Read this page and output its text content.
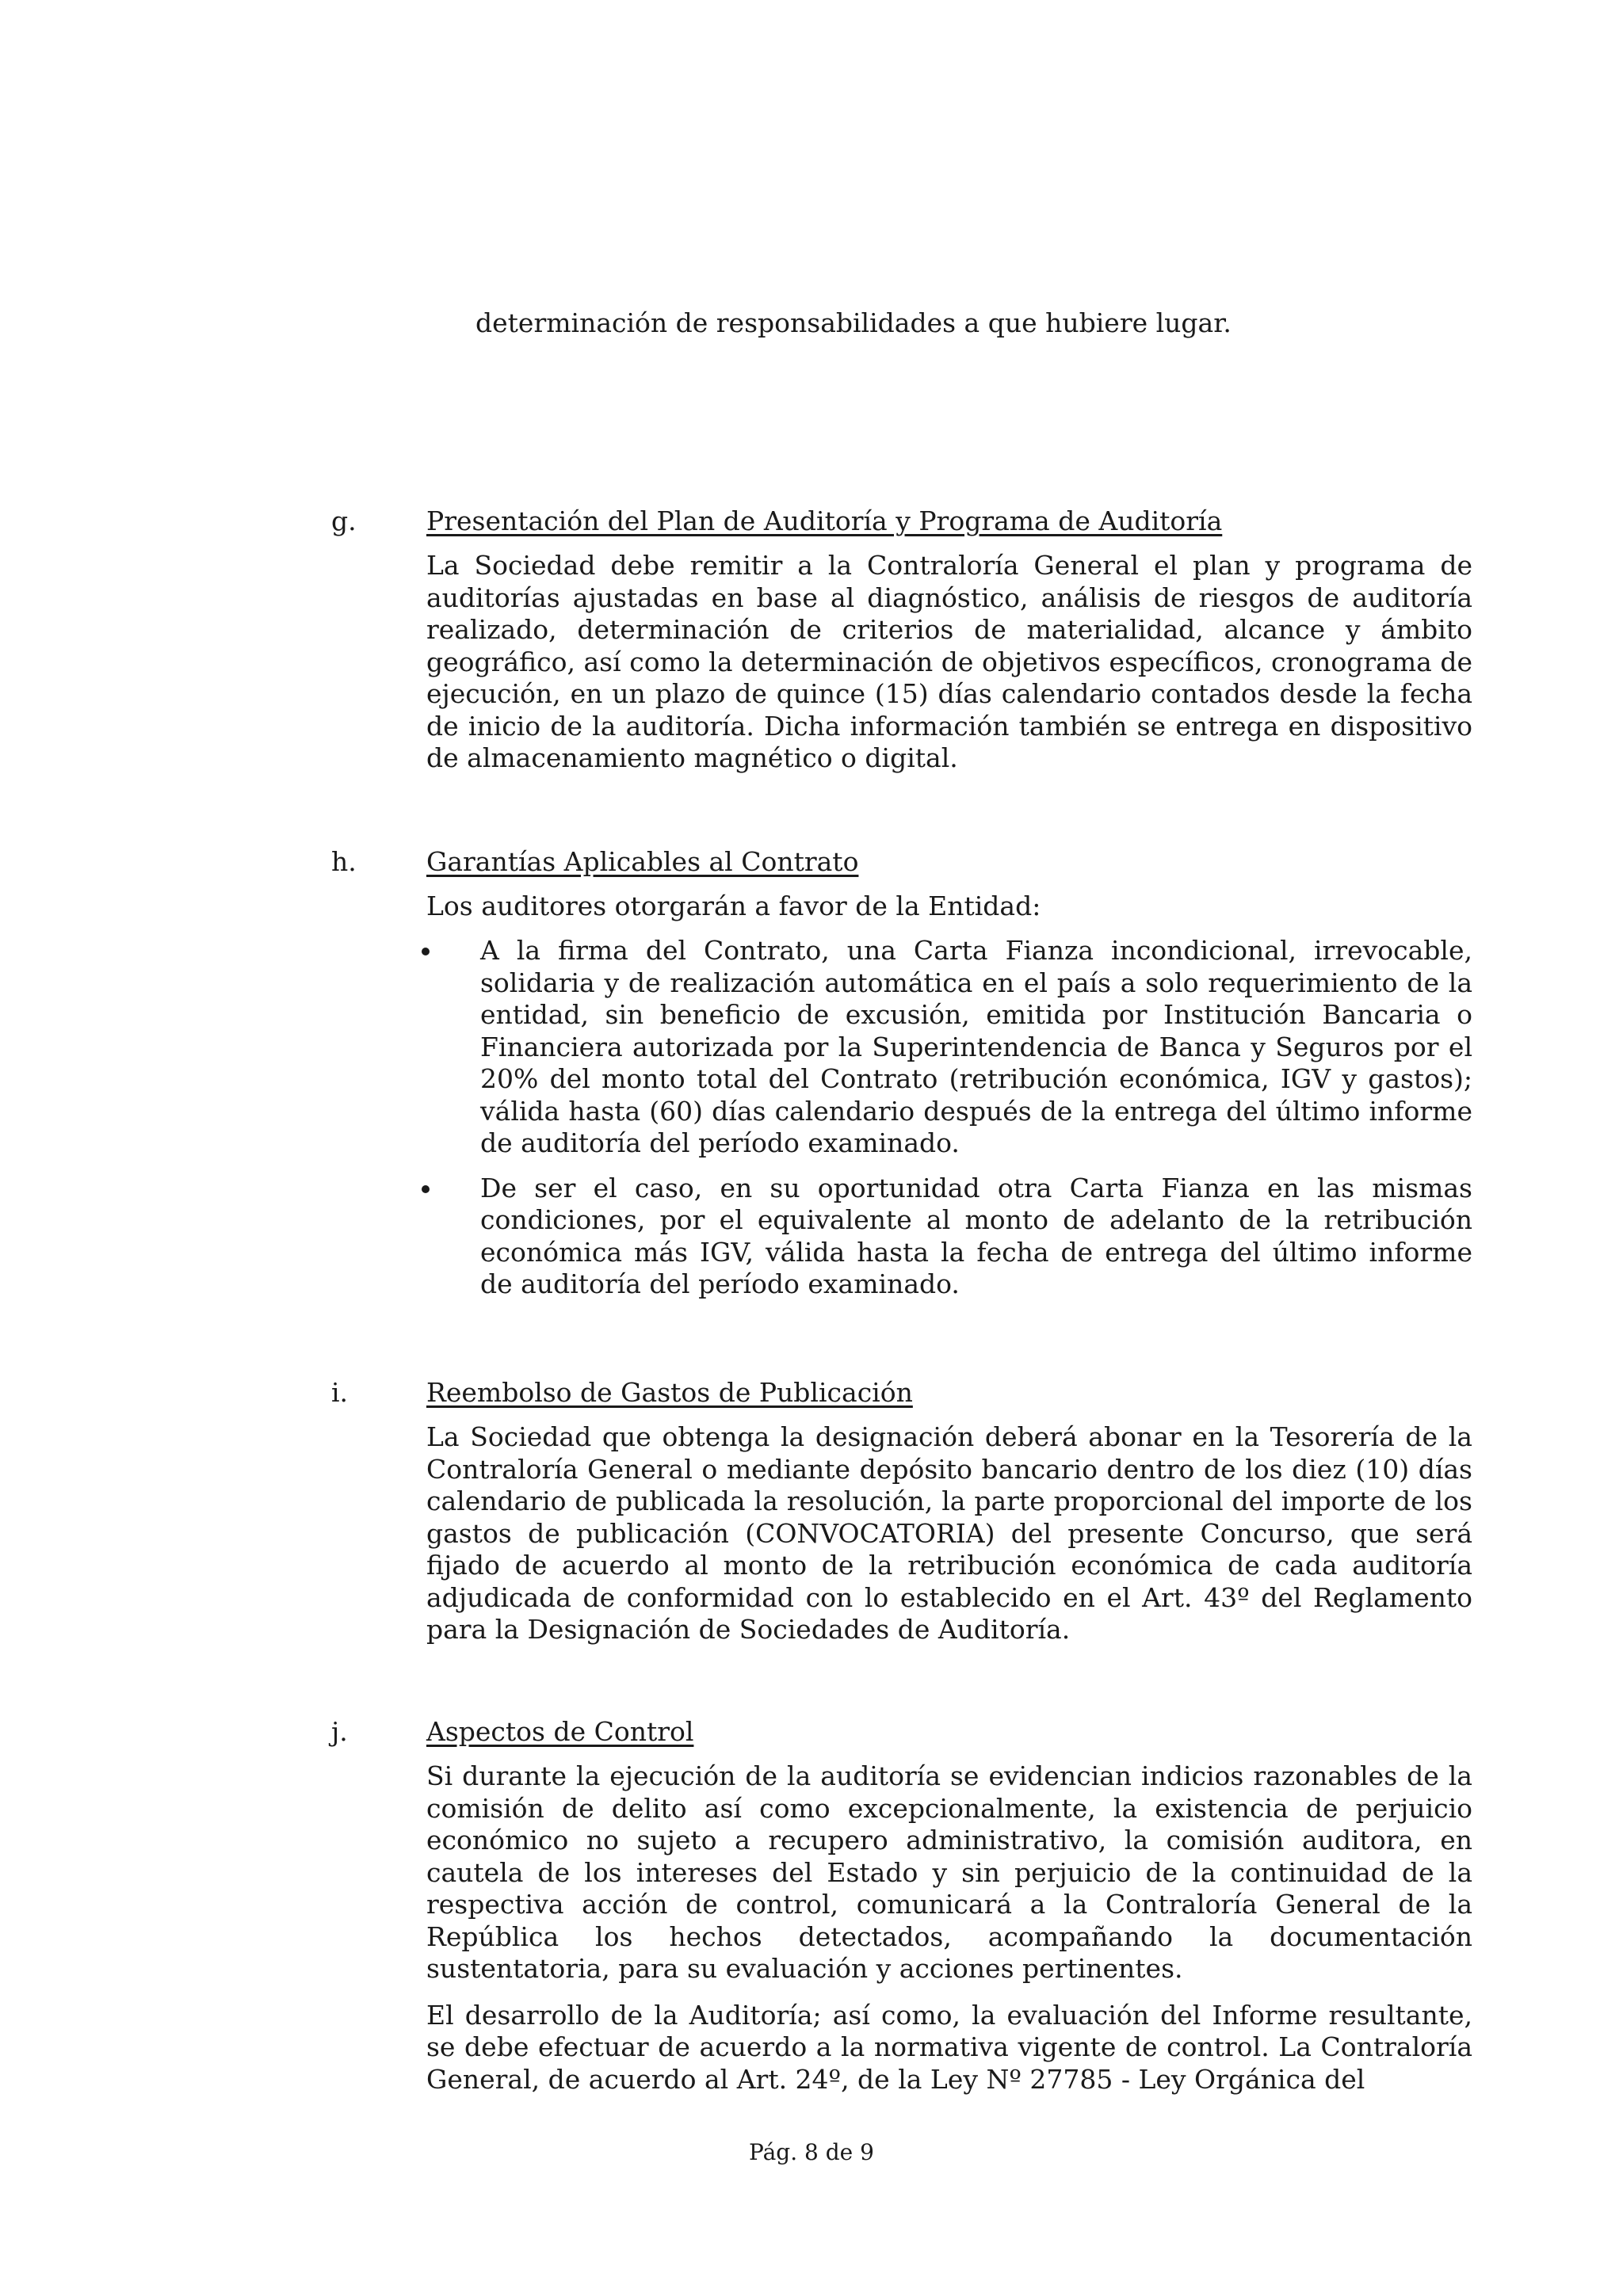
determinación de responsabilidades a que hubiere lugar.
g.	Presentación del Plan de Auditoría y Programa de Auditoría
La Sociedad debe remitir a la Contraloría General el plan y programa de auditorías ajustadas en base al diagnóstico, análisis de riesgos de auditoría realizado, determinación de criterios de materialidad, alcance y ámbito geográfico, así como la determinación de objetivos específicos, cronograma de ejecución, en un plazo de quince (15) días calendario contados desde la fecha de inicio de la auditoría. Dicha información también se entrega en dispositivo de almacenamiento magnético o digital.
h.	Garantías Aplicables al Contrato
Los auditores otorgarán a favor de la Entidad:
A la firma del Contrato, una Carta Fianza incondicional, irrevocable, solidaria y de realización automática en el país a solo requerimiento de la entidad, sin beneficio de excusión, emitida por Institución Bancaria o Financiera autorizada por la Superintendencia de Banca y Seguros por el 20% del monto total del Contrato (retribución económica, IGV y gastos); válida hasta (60) días calendario después de la entrega del último informe de auditoría del período examinado.
De ser el caso, en su oportunidad otra Carta Fianza en las mismas condiciones, por el equivalente al monto de adelanto de la retribución económica más IGV, válida hasta la fecha de entrega del último informe de auditoría del período examinado.
i.	Reembolso de Gastos de Publicación
La Sociedad que obtenga la designación deberá abonar en la Tesorería de la Contraloría General o mediante depósito bancario dentro de los diez (10) días calendario de publicada la resolución, la parte proporcional del importe de los gastos de publicación (CONVOCATORIA) del presente Concurso, que será fijado de acuerdo al monto de la retribución económica de cada auditoría adjudicada de conformidad con lo establecido en el Art. 43º del Reglamento para la Designación de Sociedades de Auditoría.
j.	Aspectos de Control
Si durante la ejecución de la auditoría se evidencian indicios razonables de la comisión de delito así como excepcionalmente, la existencia de perjuicio económico no sujeto a recupero administrativo, la comisión auditora, en cautela de los intereses del Estado y sin perjuicio de la continuidad de la respectiva acción de control, comunicará a la Contraloría General de la República los hechos detectados, acompañando la documentación sustentatoria, para su evaluación y acciones pertinentes.
El desarrollo de la Auditoría; así como, la evaluación del Informe resultante, se debe efectuar de acuerdo a la normativa vigente de control. La Contraloría General, de acuerdo al Art. 24º, de la Ley Nº 27785 - Ley Orgánica del
Pág. 8 de 9
